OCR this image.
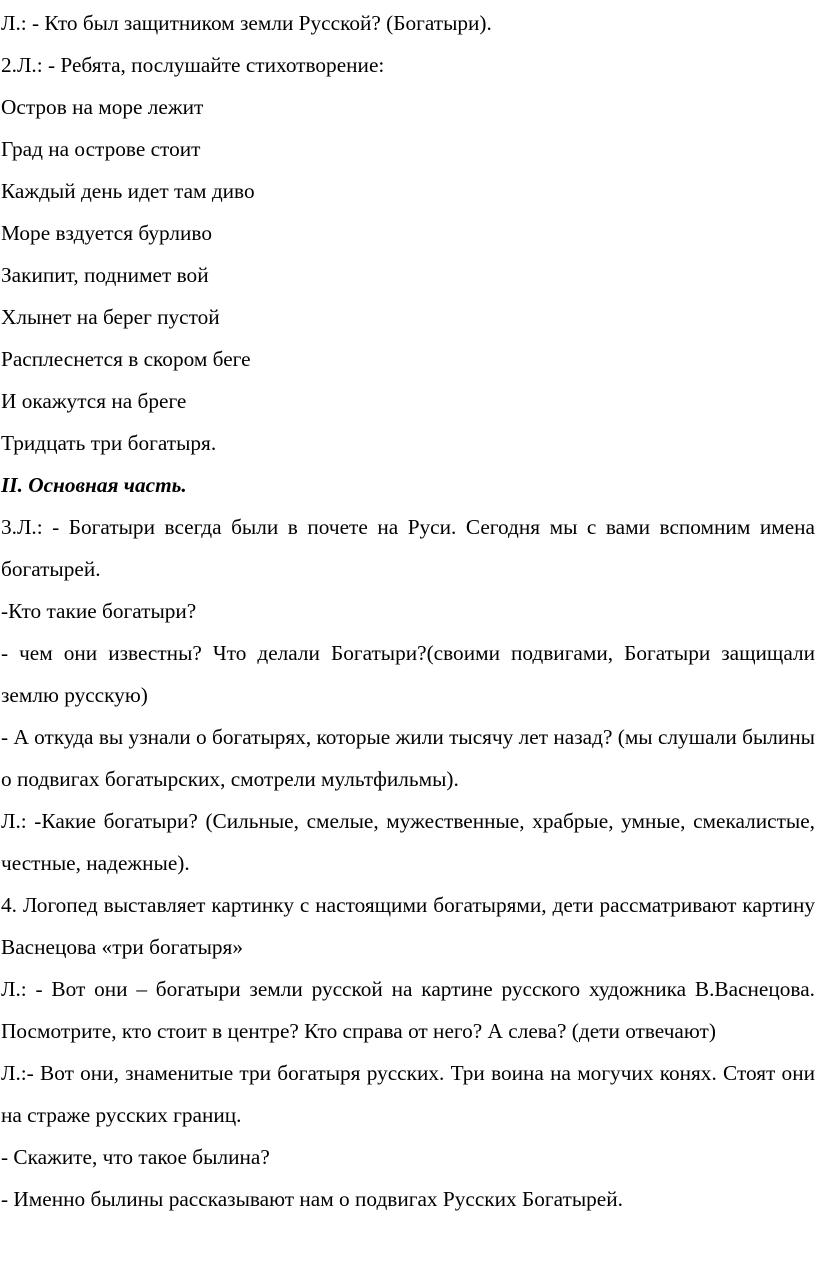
Л.: - Кто был защитником земли Русской? (Богатыри).

2.Л.: - Ребята, послушайте стихотворение:

Остров на море лежит

Град на острове стоит

Каждый день идет там диво

Море вздуется бурливо

Закипит, поднимет вой

Хлынет на берег пустой

Расплеснется в скором беге

И окажутся на бреге

Тридцать три богатыря.

II. Основная часть.

3.Л.: - Богатыри всегда были в почете на Руси. Сегодня мы с вами вспомним имена богатырей.

-Кто такие богатыри?

- чем они известны? Что делали Богатыри?(своими подвигами, Богатыри защищали землю русскую)

- А откуда вы узнали о богатырях, которые жили тысячу лет назад? (мы слушали былины о подвигах богатырских, смотрели мультфильмы).

Л.: -Какие богатыри? (Сильные, смелые, мужественные, храбрые, умные, смекалистые, честные, надежные).

4. Логопед выставляет картинку с настоящими богатырями, дети рассматривают картину Васнецова «три богатыря»

Л.: - Вот они – богатыри земли русской на картине русского художника В.Васнецова. Посмотрите, кто стоит в центре? Кто справа от него? А слева? (дети отвечают)

Л.:- Вот они, знаменитые три богатыря русских. Три воина на могучих конях. Стоят они на страже русских границ.

- Скажите, что такое былина?

- Именно былины рассказывают нам о подвигах Русских Богатырей.
